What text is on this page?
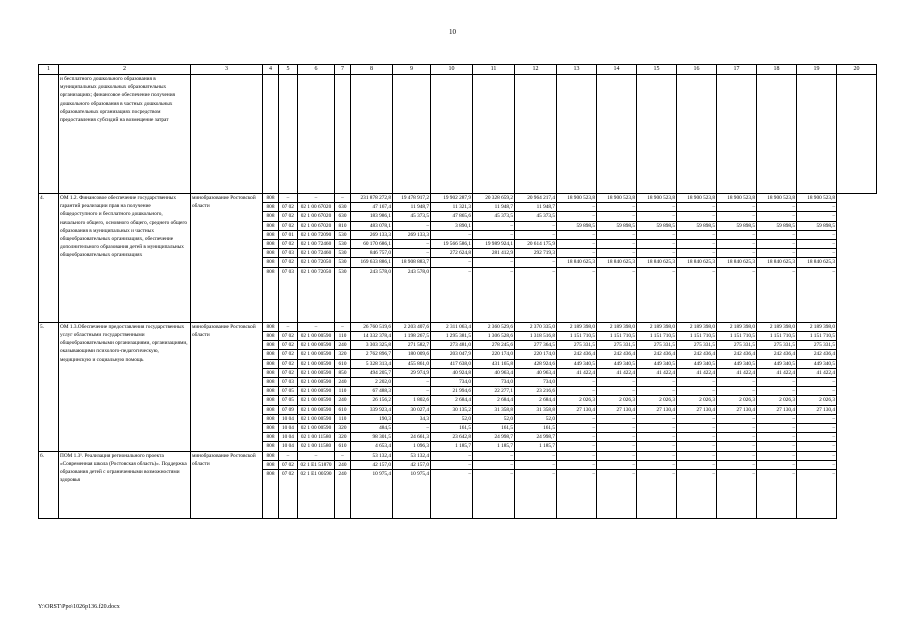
10
1	2	3	4	5	6	7	8	9	10	11	12	13	14	15	16	17	18	19	20
	и бесплатного дошкольного образования в муниципальных дошкольных образовательных организациях; финансовое обеспечение получения дошкольного образования в частных дошкольных образовательных организациях посредством предоставления субсидий на возмещение затрат																		
4.	ОМ 1.2. Финансовое обеспечение государственных гарантий реализации прав на получение общедоступного и бесплатного дошкольного, начального общего, основного общего, среднего общего образования в муниципальных и частных общеобразовательных организациях, обеспечение дополнительного образования детей в муниципальных общеобразовательных организациях	минобразование Ростовской области	808	–	–	–	231 878 272,8	19 478 917,2	19 902 287,9	20 328 659,2	20 964 217,4	18 900 523,8	18 900 523,8	18 900 523,8	18 900 523,8	18 900 523,8	18 900 523,8	18 900 523,8	
			808	07 02	02 1 00 67020	630	47 167,4	11 948,7	11 321,3	11 948,7	11 948,7	–	–	–	–	–	–	–	
			808	07 02	02 1 00 67020	630	183 986,1	45 373,5	47 865,6	45 373,5	45 373,5	–	–	–	–	–	–	–	
			808	07 02	02 1 00 67020	810	483 078,1	–	3 890,1	–	–	59 898,5	59 898,5	59 898,5	59 898,5	59 898,5	59 898,5	59 898,5	
			808	07 01	02 1 00 72090	530	269 133,3	269 133,3	–	–	–	–	–	–	–	–	–	–	
			808	07 02	02 1 00 72460	530	60 170 686,1	–	19 566 586,1	19 989 924,1	20 614 175,9	–	–	–	–	–	–	–	
			808	07 03	02 1 00 72460	530	846 757,0	–	272 624,8	281 412,9	292 719,3	–	–	–	–	–	–	–	
			808	07 02	02 1 00 72050	530	169 633 886,1	18 908 883,7	–	–	–	18 840 625,3	18 840 625,3	18 840 625,3	18 840 625,3	18 840 625,3	18 840 625,3	18 840 625,3	
			808	07 03	02 1 00 72050	530	243 578,0	243 578,0	–	–	–	–	–	–	–	–	–	–	
5.	ОМ 1.3.Обеспечение предоставления государственных услуг областными государственными общеобразовательными организациями, организациями, оказывающими психолого-педагогическую, медицинскую и социальную помощь	минобразование Ростовской области	808	–	–	–	26 760 519,6	2 203 407,6	2 311 063,4	2 360 529,6	2 370 335,0	2 189 398,0	2 189 398,0	2 189 398,0	2 189 398,0	2 189 398,0	2 189 398,0	2 189 398,0	
			808	07 02	02 1 00 00590	110	14 332 378,4	1 198 267,5	1 295 381,5	1 306 528,6	1 318 516,8	1 151 710,5	1 151 710,5	1 151 710,5	1 151 710,5	1 151 710,5	1 151 710,5	1 151 710,5	
			808	07 02	02 1 00 00590	240	3 303 325,8	271 582,7	273 481,0	278 245,6	277 364,5	275 331,5	275 331,5	275 331,5	275 331,5	275 331,5	275 331,5	275 331,5	
			808	07 02	02 1 00 00590	320	2 762 896,7	180 009,6	203 047,9	220 174,0	220 174,0	242 436,4	242 436,4	242 436,4	242 436,4	242 436,4	242 436,4	242 436,4	
			808	07 02	02 1 00 00590	610	5 328 313,4	455 861,0	417 638,0	431 165,8	428 924,6	449 340,5	449 340,5	449 340,5	449 340,5	449 340,5	449 340,5	449 340,5	
			808	07 02	02 1 00 00590	850	494 205,7	29 974,9	40 924,8	40 963,4	40 963,4	41 422,4	41 422,4	41 422,4	41 422,4	41 422,4	41 422,4	41 422,4	
			808	07 03	02 1 00 00590	240	2 202,0	–	734,0	734,0	734,0	–	–	–	–	–	–	–	
			808	07 05	02 1 00 00590	110	67 488,3	–	21 994,6	22 277,1	23 216,6	–	–	–	–	–	–	–	
			808	07 05	02 1 00 00590	240	26 156,2	1 802,6	2 684,4	2 684,4	2 684,4	2 026,3	2 026,3	2 026,3	2 026,3	2 026,3	2 026,3	2 026,3	
			808	07 09	02 1 00 00590	610	339 923,4	30 027,4	30 135,2	31 358,8	31 358,8	27 130,4	27 130,4	27 130,4	27 130,4	27 130,4	27 130,4	27 130,4	
			808	10 04	02 1 00 00590	110	190,3	34,3	52,0	52,0	52,0	–	–	–	–	–	–	–	
			808	10 04	02 1 00 00590	320	484,5	–	161,5	161,5	161,5	–	–	–	–	–	–	–	
			808	10 04	02 1 00 11580	320	98 301,5	24 661,3	23 642,8	24 998,7	24 998,7	–	–	–	–	–	–	–	
			808	10 04	02 1 00 11580	610	4 653,4	1 096,3	1 185,7	1 185,7	1 185,7	–	–	–	–	–	–	–	
6.	ПОМ 1.3¹. Реализация регионального проекта «Современная школа (Ростовская область)». Поддержка образования детей с ограниченными возможностями здоровья	минобразование Ростовской области	808	–	–	–	53 132,4	53 132,4	–	–	–	–	–	–	–	–	–	–	
			808	07 02	02 1 Е1 51870	240	42 157,0	42 157,0	–	–	–	–	–	–	–	–	–	–	
			808	07 02	02 1 Е1 00590	240	10 975,4	10 975,4	–	–	–	–	–	–	–	–	–	–	
Y:\ORST\Ppo\1026p136.f20.docx
